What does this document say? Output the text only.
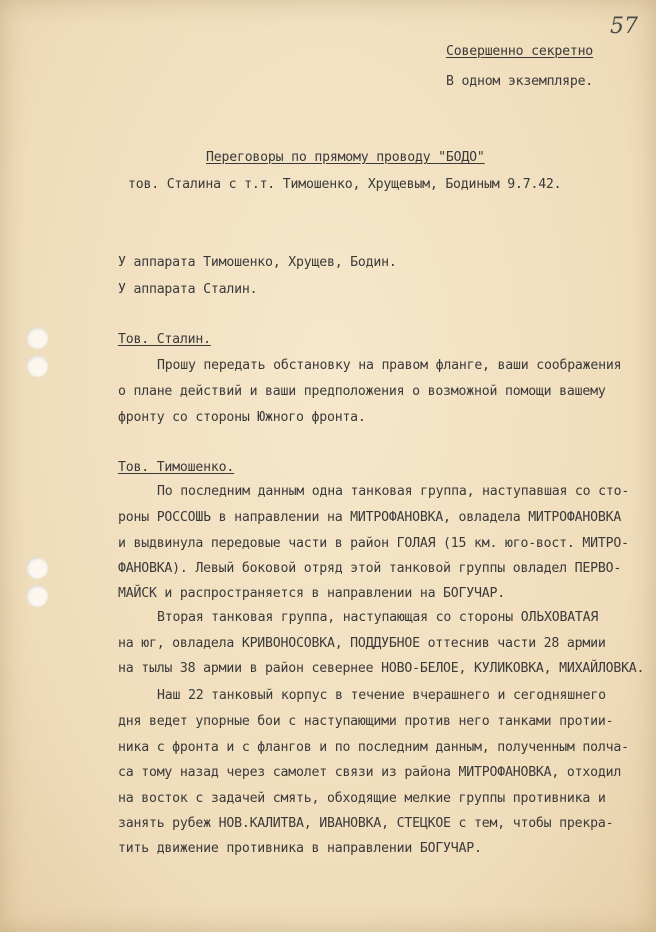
57
Совершенно секретно
В одном экземпляре.
Переговоры по прямому проводу "БОДО"
тов. Сталина с т.т. Тимошенко, Хрущевым, Бодиным 9.7.42.
У аппарата Тимошенко, Хрущев, Бодин.
У аппарата Сталин.
Тов. Сталин.
Прошу передать обстановку на правом фланге, ваши соображения
о плане действий и ваши предположения о возможной помощи вашему
фронту со стороны Южного фронта.
Тов. Тимошенко.
По последним данным одна танковая группа, наступавшая со сто-
роны РОССОШЬ в направлении на МИТРОФАНОВКА, овладела МИТРОФАНОВКА
и выдвинула передовые части в район ГОЛАЯ (15 км. юго-вост. МИТРО-
ФАНОВКА). Левый боковой отряд этой танковой группы овладел ПЕРВО-
МАЙСК и распространяется в направлении на БОГУЧАР.
Вторая танковая группа, наступающая со стороны ОЛЬХОВАТАЯ
на юг, овладела КРИВОНОСОВКА, ПОДДУБНОЕ оттеснив части 28 армии
на тылы 38 армии в район севернее НОВО-БЕЛОЕ, КУЛИКОВКА, МИХАЙЛОВКА.
Наш 22 танковый корпус в течение вчерашнего и сегодняшнего
дня ведет упорные бои с наступающими против него танками протии-
ника с фронта и с флангов и по последним данным, полученным полча-
са тому назад через самолет связи из района МИТРОФАНОВКА, отходил
на восток с задачей смять, обходящие мелкие группы противника и
занять рубеж НОВ.КАЛИТВА, ИВАНОВКА, СТЕЦКОЕ с тем, чтобы прекра-
тить движение противника в направлении БОГУЧАР.
